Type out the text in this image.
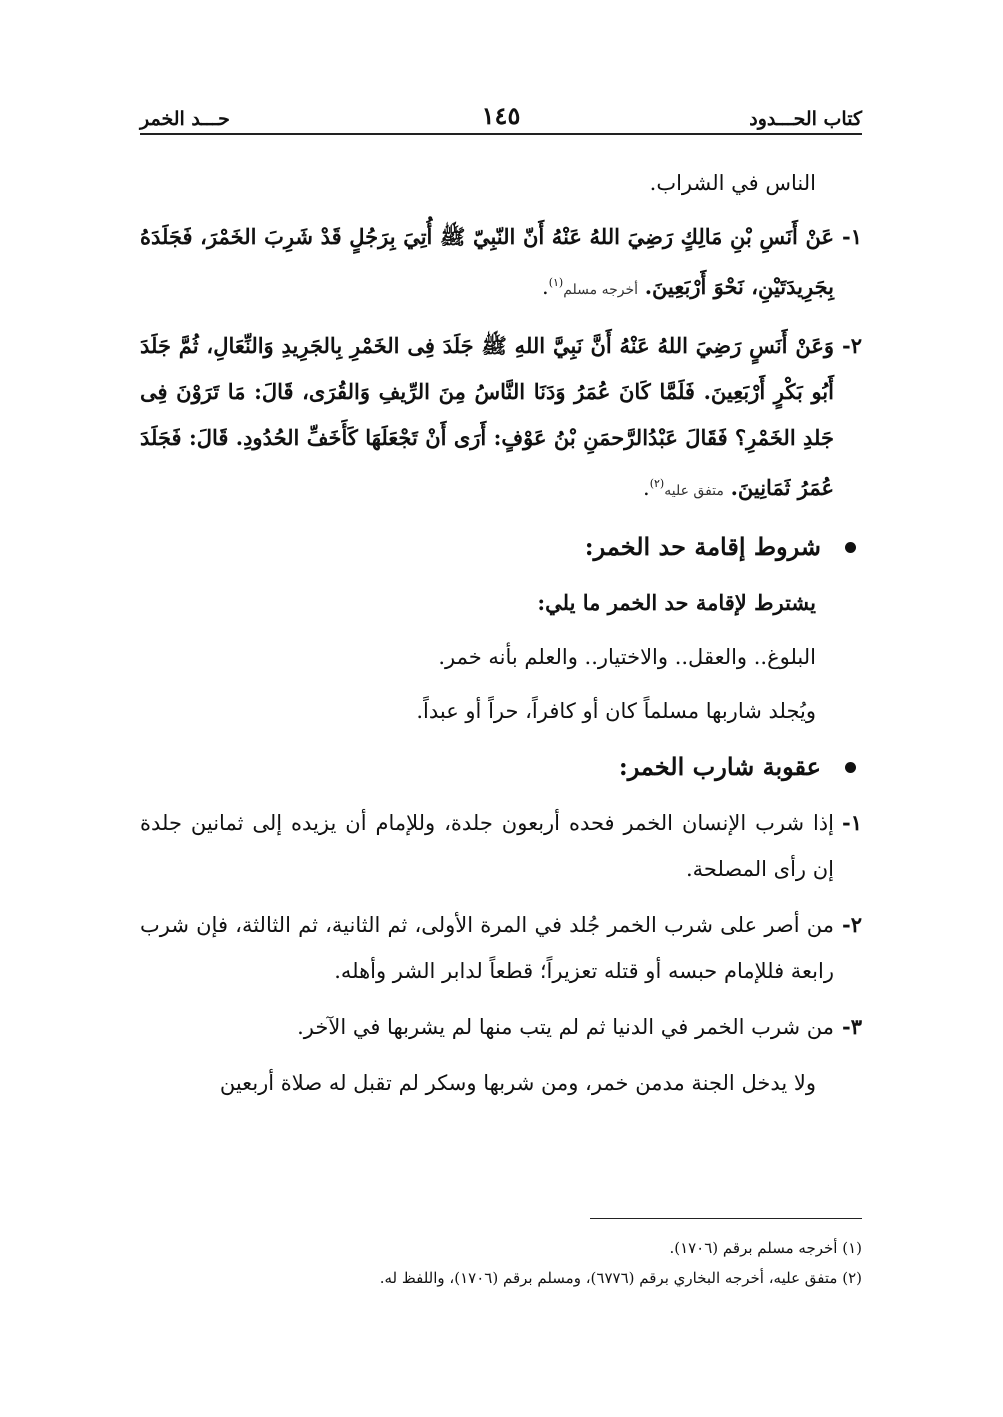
كتاب الحـــدود
١٤٥
حـــد الخمر

الناس في الشراب.

١-
عَنْ أَنَسِ بْنِ مَالِكٍ رَضِيَ اللهُ عَنْهُ أَنّ النّبِيّ ﷺ أُتِيَ بِرَجُلٍ قَدْ شَرِبَ الخَمْرَ، فَجَلَدَهُ بِجَرِيدَتَيْنِ، نَحْوَ أَرْبَعِينَ. أخرجه مسلم$^{(١)}$.
٢-
وَعَنْ أَنَسٍ رَضِيَ اللهُ عَنْهُ أَنَّ نَبِيَّ اللهِ ﷺ جَلَدَ فِى الخَمْرِ بِالجَرِيدِ وَالنِّعَالِ، ثُمَّ جَلَدَ أَبُو بَكْرٍ أَرْبَعِينَ. فَلَمَّا كَانَ عُمَرُ وَدَنَا النَّاسُ مِنَ الرِّيفِ وَالقُرَى، قَالَ: مَا تَرَوْنَ فِى جَلدِ الخَمْرِ؟ فَقَالَ عَبْدُالرَّحمَنِ بْنُ عَوْفٍ: أَرَى أَنْ تَجْعَلَهَا كَأَخَفِّ الحُدُودِ. قَالَ: فَجَلَدَ عُمَرُ ثَمَانِينَ. متفق عليه$^{(٢)}$.
شروط إقامة حد الخمر:

يشترط لإقامة حد الخمر ما يلي:

البلوغ.. والعقل.. والاختيار.. والعلم بأنه خمر.

ويُجلد شاربها مسلماً كان أو كافراً، حراً أو عبداً.

عقوبة شارب الخمر:
١-
إذا شرب الإنسان الخمر فحده أربعون جلدة، وللإمام أن يزيده إلى ثمانين جلدة إن رأى المصلحة.
٢-
من أصر على شرب الخمر جُلد في المرة الأولى، ثم الثانية، ثم الثالثة، فإن شرب رابعة فللإمام حبسه أو قتله تعزيراً؛ قطعاً لدابر الشر وأهله.
٣-
من شرب الخمر في الدنيا ثم لم يتب منها لم يشربها في الآخر.

ولا يدخل الجنة مدمن خمر، ومن شربها وسكر لم تقبل له صلاة أربعين

(١) أخرجه مسلم برقم (١٧٠٦).
(٢) متفق عليه، أخرجه البخاري برقم (٦٧٧٦)، ومسلم برقم (١٧٠٦)، واللفظ له.
